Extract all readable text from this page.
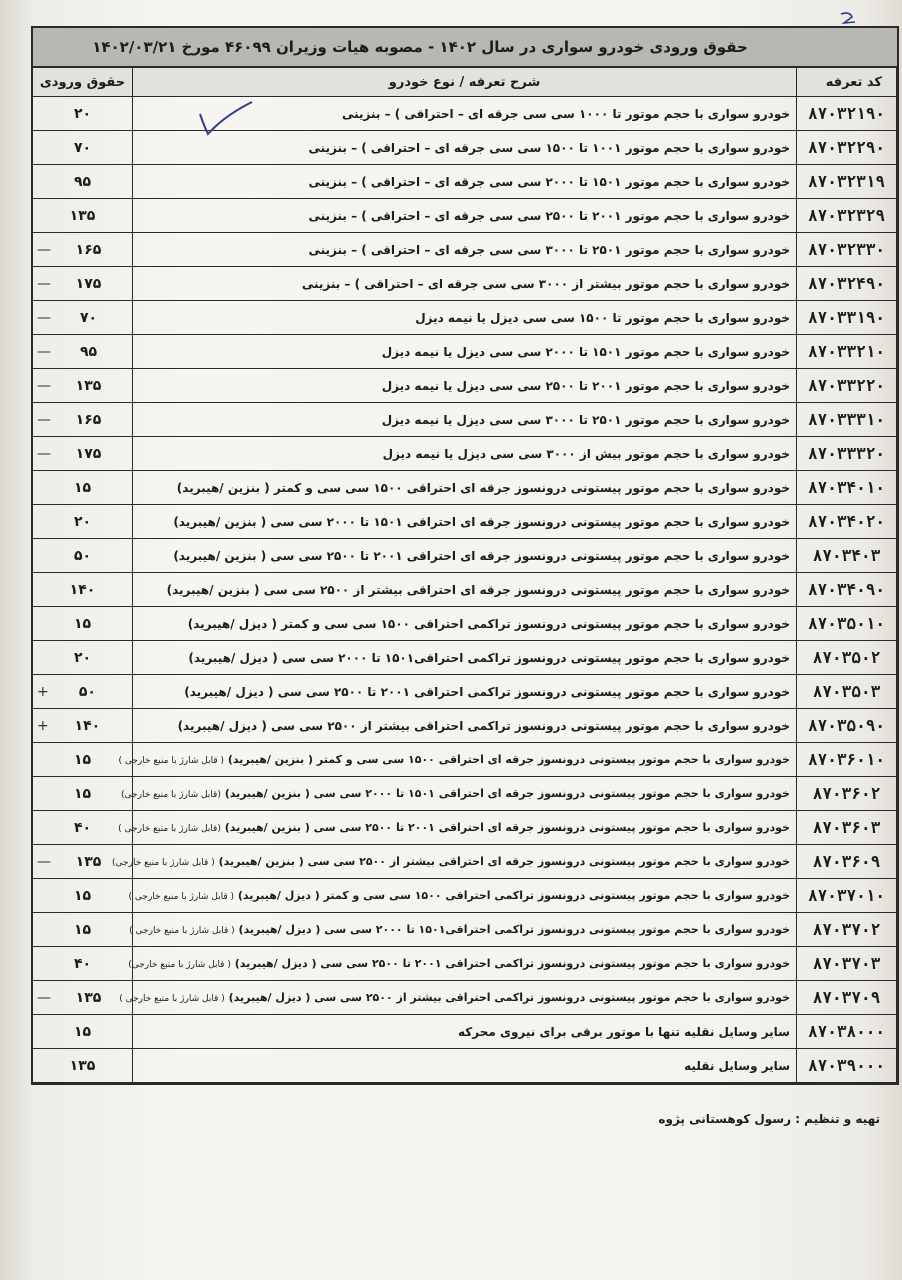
حقوق ورودی خودرو سواری در سال ۱۴۰۲ - مصوبه هیات وزیران ۴۶۰۹۹ مورخ ۱۴۰۲/۰۳/۲۱
کد تعرفه	شرح تعرفه / نوع خودرو	حقوق ورودی
۸۷۰۳۲۱۹۰	خودرو سواری با حجم موتور تا ۱۰۰۰ سی سی جرقه ای – احتراقی ) – بنزینی	۲۰
۸۷۰۳۲۲۹۰	خودرو سواری با حجم موتور ۱۰۰۱ تا ۱۵۰۰ سی سی جرقه ای – احتراقی ) – بنزینی	۷۰
۸۷۰۳۲۳۱۹	خودرو سواری با حجم موتور ۱۵۰۱ تا ۲۰۰۰ سی سی جرقه ای – احتراقی ) – بنزینی	۹۵
۸۷۰۳۲۳۲۹	خودرو سواری با حجم موتور ۲۰۰۱ تا ۲۵۰۰ سی سی جرقه ای – احتراقی ) – بنزینی	۱۳۵
۸۷۰۳۲۳۳۰	خودرو سواری با حجم موتور ۲۵۰۱ تا ۳۰۰۰ سی سی جرقه ای – احتراقی ) – بنزینی	— ۱۶۵
۸۷۰۳۲۴۹۰	خودرو سواری با حجم موتور بیشتر از ۳۰۰۰ سی سی جرقه ای – احتراقی ) – بنزینی	— ۱۷۵
۸۷۰۳۳۱۹۰	خودرو سواری با حجم موتور تا ۱۵۰۰ سی سی دیزل یا نیمه دیزل	— ۷۰
۸۷۰۳۳۲۱۰	خودرو سواری با حجم موتور ۱۵۰۱ تا ۲۰۰۰ سی سی دیزل یا نیمه دیزل	— ۹۵
۸۷۰۳۳۲۲۰	خودرو سواری با حجم موتور ۲۰۰۱ تا ۲۵۰۰ سی سی دیزل یا نیمه دیزل	— ۱۳۵
۸۷۰۳۳۳۱۰	خودرو سواری با حجم موتور ۲۵۰۱ تا ۳۰۰۰ سی سی دیزل یا نیمه دیزل	— ۱۶۵
۸۷۰۳۳۳۲۰	خودرو سواری با حجم موتور بیش از ۳۰۰۰ سی سی دیزل یا نیمه دیزل	— ۱۷۵
۸۷۰۳۴۰۱۰	خودرو سواری با حجم موتور پیستونی درونسوز جرقه ای احتراقی ۱۵۰۰ سی سی و کمتر ( بنزین /هیبرید)	۱۵
۸۷۰۳۴۰۲۰	خودرو سواری با حجم موتور پیستونی درونسوز جرقه ای احتراقی ۱۵۰۱ تا ۲۰۰۰ سی سی ( بنزین /هیبرید)	۲۰
۸۷۰۳۴۰۳	خودرو سواری با حجم موتور پیستونی درونسوز جرقه ای احتراقی ۲۰۰۱ تا ۲۵۰۰ سی سی ( بنزین /هیبرید)	۵۰
۸۷۰۳۴۰۹۰	خودرو سواری با حجم موتور پیستونی درونسوز جرقه ای احتراقی بیشتر از ۲۵۰۰ سی سی ( بنزین /هیبرید)	۱۴۰
۸۷۰۳۵۰۱۰	خودرو سواری با حجم موتور پیستونی درونسوز تراکمی احتراقی ۱۵۰۰ سی سی و کمتر ( دیزل /هیبرید)	۱۵
۸۷۰۳۵۰۲	خودرو سواری با حجم موتور پیستونی درونسوز تراکمی احتراقی۱۵۰۱ تا ۲۰۰۰ سی سی ( دیزل /هیبرید)	۲۰
۸۷۰۳۵۰۳	خودرو سواری با حجم موتور پیستونی درونسوز تراکمی احتراقی ۲۰۰۱ تا ۲۵۰۰ سی سی ( دیزل /هیبرید)	+ ۵۰
۸۷۰۳۵۰۹۰	خودرو سواری با حجم موتور پیستونی درونسوز تراکمی احتراقی بیشتر از ۲۵۰۰ سی سی ( دیزل /هیبرید)	+ ۱۴۰
۸۷۰۳۶۰۱۰	خودرو سواری با حجم موتور پیستونی درونسوز جرقه ای احتراقی ۱۵۰۰ سی سی و کمتر ( بنزین /هیبرید) ( قابل شارژ با منبع خارجی )	۱۵
۸۷۰۳۶۰۲	خودرو سواری با حجم موتور پیستونی درونسوز جرقه ای احتراقی ۱۵۰۱ تا ۲۰۰۰ سی سی ( بنزین /هیبرید) (قابل شارژ با منبع خارجی)	۱۵
۸۷۰۳۶۰۳	خودرو سواری با حجم موتور پیستونی درونسوز جرقه ای احتراقی ۲۰۰۱ تا ۲۵۰۰ سی سی ( بنزین /هیبرید) (قابل شارژ با منبع خارجی )	۴۰
۸۷۰۳۶۰۹	خودرو سواری با حجم موتور پیستونی درونسوز جرقه ای احتراقی بیشتر از ۲۵۰۰ سی سی ( بنزین /هیبرید) ( قابل شارژ با منبع خارجی)	— ۱۳۵
۸۷۰۳۷۰۱۰	خودرو سواری با حجم موتور پیستونی درونسوز تراکمی احتراقی ۱۵۰۰ سی سی و کمتر ( دیزل /هیبرید) ( قابل شارژ با منبع خارجی )	۱۵
۸۷۰۳۷۰۲	خودرو سواری با حجم موتور پیستونی درونسوز تراکمی احتراقی۱۵۰۱ تا ۲۰۰۰ سی سی ( دیزل /هیبرید) ( قابل شارژ با منبع خارجی )	۱۵
۸۷۰۳۷۰۳	خودرو سواری با حجم موتور پیستونی درونسوز تراکمی احتراقی ۲۰۰۱ تا ۲۵۰۰ سی سی ( دیزل /هیبرید) ( قابل شارژ با منبع خارجی)	۴۰
۸۷۰۳۷۰۹	خودرو سواری با حجم موتور پیستونی درونسوز تراکمی احتراقی بیشتر از ۲۵۰۰ سی سی ( دیزل /هیبرید) ( قابل شارژ با منبع خارجی )	— ۱۳۵
۸۷۰۳۸۰۰۰	سایر وسایل نقلیه تنها با موتور برقی برای نیروی محرکه	۱۵
۸۷۰۳۹۰۰۰	سایر وسایل نقلیه	۱۳۵
تهیه و تنظیم : رسول کوهستانی پژوه
